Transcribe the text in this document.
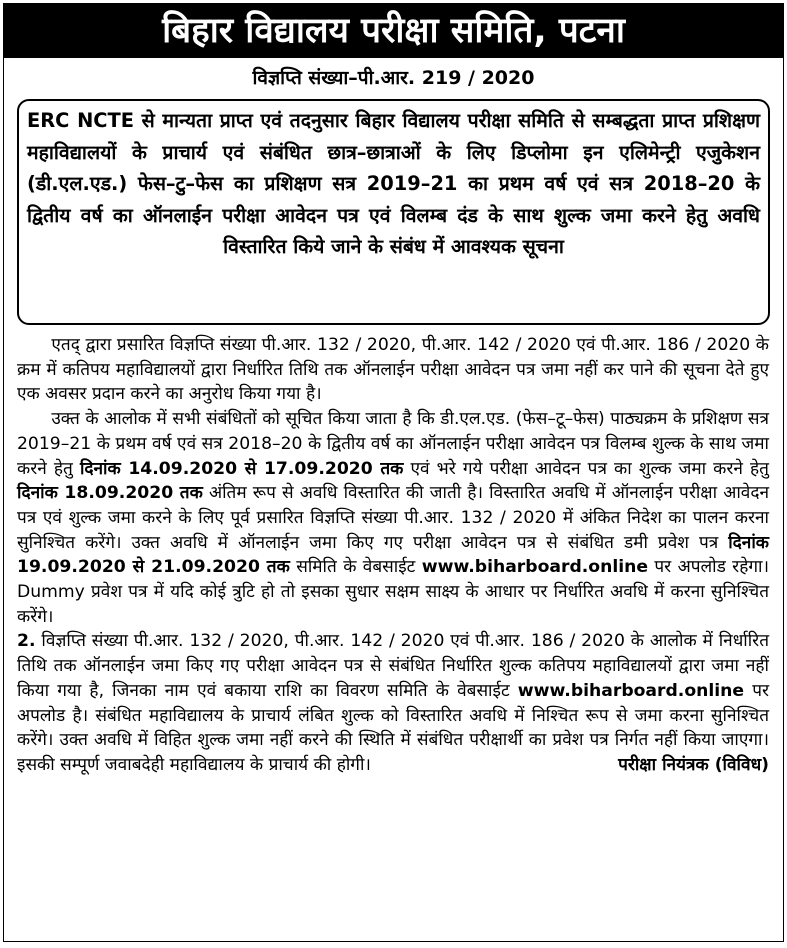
बिहार विद्यालय परीक्षा समिति, पटना
विज्ञप्ति संख्या–पी.आर. 219 / 2020
ERC NCTE से मान्यता प्राप्त एवं तदनुसार बिहार विद्यालय परीक्षा समिति से सम्बद्धता प्राप्त प्रशिक्षण महाविद्यालयों के प्राचार्य एवं संबंधित छात्र–छात्राओं के लिए डिप्लोमा इन एलिमेन्ट्री एजुकेशन (डी.एल.एड.) फेस–टु–फेस का प्रशिक्षण सत्र 2019–21 का प्रथम वर्ष एवं सत्र 2018–20 के द्वितीय वर्ष का ऑनलाईन परीक्षा आवेदन पत्र एवं विलम्ब दंड के साथ शुल्क जमा करने हेतु अवधि विस्तारित किये जाने के संबंध में आवश्यक सूचना

एतद् द्वारा प्रसारित विज्ञप्ति संख्या पी.आर. 132 / 2020, पी.आर. 142 / 2020 एवं पी.आर. 186 / 2020 के क्रम में कतिपय महाविद्यालयों द्वारा निर्धारित तिथि तक ऑनलाईन परीक्षा आवेदन पत्र जमा नहीं कर पाने की सूचना देते हुए एक अवसर प्रदान करने का अनुरोध किया गया है।

उक्त के आलोक में सभी संबंधितों को सूचित किया जाता है कि डी.एल.एड. (फेस–टू–फेस) पाठ्यक्रम के प्रशिक्षण सत्र 2019–21 के प्रथम वर्ष एवं सत्र 2018–20 के द्वितीय वर्ष का ऑनलाईन परीक्षा आवेदन पत्र विलम्ब शुल्क के साथ जमा करने हेतु दिनांक 14.09.2020 से 17.09.2020 तक एवं भरे गये परीक्षा आवेदन पत्र का शुल्क जमा करने हेतु दिनांक 18.09.2020 तक अंतिम रूप से अवधि विस्तारित की जाती है। विस्तारित अवधि में ऑनलाईन परीक्षा आवेदन पत्र एवं शुल्क जमा करने के लिए पूर्व प्रसारित विज्ञप्ति संख्या पी.आर. 132 / 2020 में अंकित निदेश का पालन करना सुनिश्चित करेंगे। उक्त अवधि में ऑनलाईन जमा किए गए परीक्षा आवेदन पत्र से संबंधित डमी प्रवेश पत्र दिनांक 19.09.2020 से 21.09.2020 तक समिति के वेबसाईट www.biharboard.online पर अपलोड रहेगा। Dummy प्रवेश पत्र में यदि कोई त्रुटि हो तो इसका सुधार सक्षम साक्ष्य के आधार पर निर्धारित अवधि में करना सुनिश्चित करेंगे।

2. विज्ञप्ति संख्या पी.आर. 132 / 2020, पी.आर. 142 / 2020 एवं पी.आर. 186 / 2020 के आलोक में निर्धारित तिथि तक ऑनलाईन जमा किए गए परीक्षा आवेदन पत्र से संबंधित निर्धारित शुल्क कतिपय महाविद्यालयों द्वारा जमा नहीं किया गया है, जिनका नाम एवं बकाया राशि का विवरण समिति के वेबसाईट www.biharboard.online पर अपलोड है। संबंधित महाविद्यालय के प्राचार्य लंबित शुल्क को विस्तारित अवधि में निश्चित रूप से जमा करना सुनिश्चित करेंगे। उक्त अवधि में विहित शुल्क जमा नहीं करने की स्थिति में संबंधित परीक्षार्थी का प्रवेश पत्र निर्गत नहीं किया जाएगा। इसकी सम्पूर्ण जवाबदेही महाविद्यालय के प्राचार्य की होगी।	परीक्षा नियंत्रक (विविध)
